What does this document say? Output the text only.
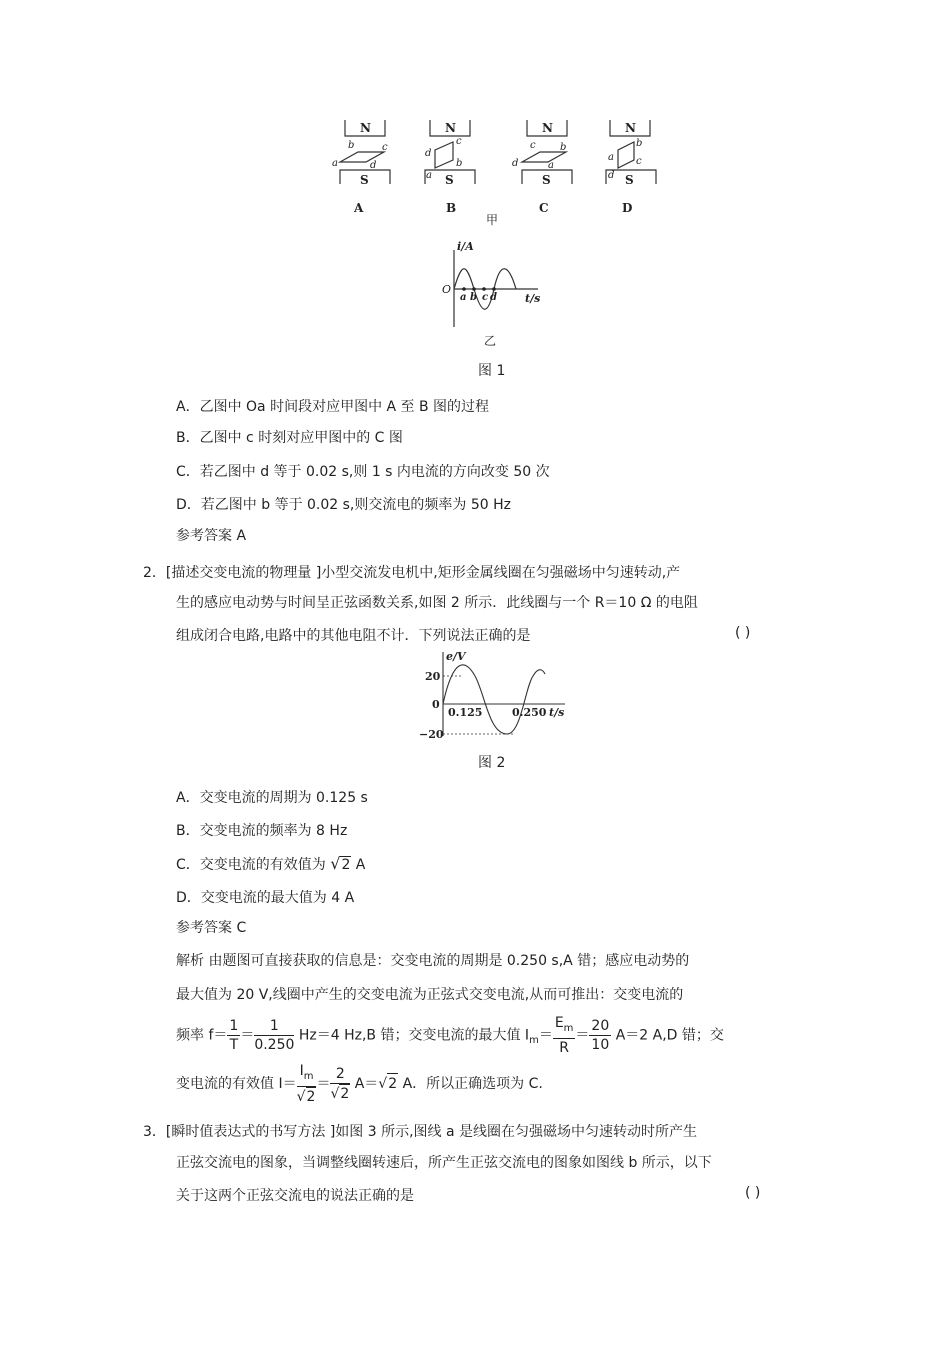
N	N	N	N
S	S	S	S
a
b	c
d
a
b
c
d
a
b
c
d
a
b
c
d
A	B	C	D
甲
i/A
O
t/s
a b c d
乙
图 1
A．乙图中 Oa 时间段对应甲图中 A 至 B 图的过程
B．乙图中 c 时刻对应甲图中的 C 图
C．若乙图中 d 等于 0.02 s,则 1 s 内电流的方向改变 50 次
D．若乙图中 b 等于 0.02 s,则交流电的频率为 50 Hz
参考答案 A
2．[描述交变电流的物理量 ]小型交流发电机中,矩形金属线圈在匀强磁场中匀速转动,产
生的感应电动势与时间呈正弦函数关系,如图 2 所示．此线圈与一个 R＝10 Ω 的电阻
组成闭合电路,电路中的其他电阻不计．下列说法正确的是	( )
e/V
20
0
−20
0.125	0.250 t/s
图 2
A．交变电流的周期为 0.125 s
B．交变电流的频率为 8 Hz
C．交变电流的有效值为 √2 A
D．交变电流的最大值为 4 A
参考答案 C
解析 由题图可直接获取的信息是：交变电流的周期是 0.250 s,A 错；感应电动势的
最大值为 20 V,线圈中产生的交变电流为正弦式交变电流,从而可推出：交变电流的
频率 $f= \frac{1}{T} = \frac{1}{0.250} Hz=4$ Hz,B 错；交变电流的最大值 $I_m= \frac{E_m}{R} = \frac{20}{10} A=2$ A,D 错；交
变电流的有效值 $I= \frac{I_m}{√2} = \frac{2}{√2} A=√2$ A．所以正确选项为 C.
3．[瞬时值表达式的书写方法 ]如图 3 所示,图线 a 是线圈在匀强磁场中匀速转动时所产生
正弦交流电的图象，当调整线圈转速后，所产生正弦交流电的图象如图线 b 所示，以下
关于这两个正弦交流电的说法正确的是	( )
